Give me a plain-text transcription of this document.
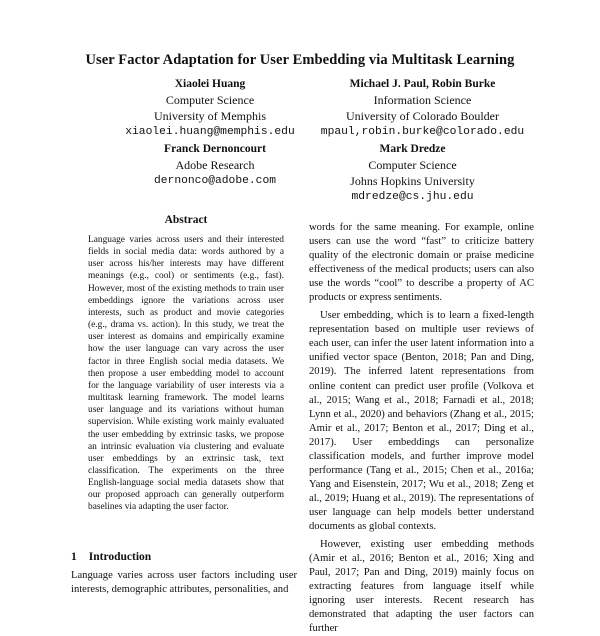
User Factor Adaptation for User Embedding via Multitask Learning
Xiaolei Huang
Computer Science
University of Memphis
xiaolei.huang@memphis.edu
Michael J. Paul, Robin Burke
Information Science
University of Colorado Boulder
mpaul,robin.burke@colorado.edu
Franck Dernoncourt
Adobe Research
dernonco@adobe.com
Mark Dredze
Computer Science
Johns Hopkins University
mdredze@cs.jhu.edu
Abstract
Language varies across users and their interested fields in social media data: words authored by a user across his/her interests may have different meanings (e.g., cool) or sentiments (e.g., fast). However, most of the existing methods to train user embeddings ignore the variations across user interests, such as product and movie categories (e.g., drama vs. action). In this study, we treat the user interest as domains and empirically examine how the user language can vary across the user factor in three English social media datasets. We then propose a user embedding model to account for the language variability of user interests via a multitask learning framework. The model learns user language and its variations without human supervision. While existing work mainly evaluated the user embedding by extrinsic tasks, we propose an intrinsic evaluation via clustering and evaluate user embeddings by an extrinsic task, text classification. The experiments on the three English-language social media datasets show that our proposed approach can generally outperform baselines via adapting the user factor.
1 Introduction
Language varies across user factors including user interests, demographic attributes, personalities, and

words for the same meaning. For example, online users can use the word “fast” to criticize battery quality of the electronic domain or praise medicine effectiveness of the medical products; users can also use the words “cool” to describe a property of AC products or express sentiments.

User embedding, which is to learn a fixed-length representation based on multiple user reviews of each user, can infer the user latent information into a unified vector space (Benton, 2018; Pan and Ding, 2019). The inferred latent representations from online content can predict user profile (Volkova et al., 2015; Wang et al., 2018; Farnadi et al., 2018; Lynn et al., 2020) and behaviors (Zhang et al., 2015; Amir et al., 2017; Benton et al., 2017; Ding et al., 2017). User embeddings can personalize classification models, and further improve model performance (Tang et al., 2015; Chen et al., 2016a; Yang and Eisenstein, 2017; Wu et al., 2018; Zeng et al., 2019; Huang et al., 2019). The representations of user language can help models better understand documents as global contexts.

However, existing user embedding methods (Amir et al., 2016; Benton et al., 2016; Xing and Paul, 2017; Pan and Ding, 2019) mainly focus on extracting features from language itself while ignoring user interests. Recent research has demonstrated that adapting the user factors can further
